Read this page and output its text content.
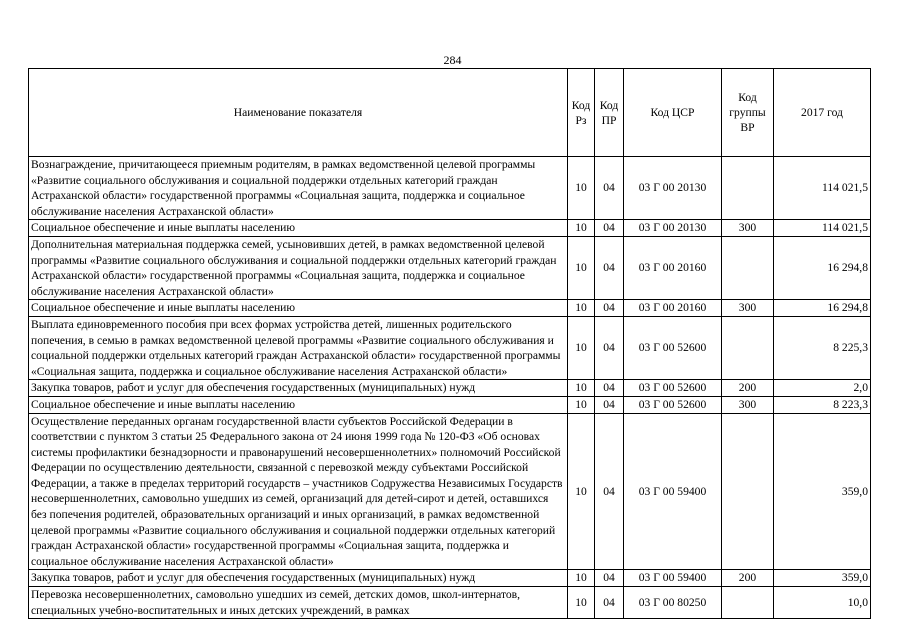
284
Наименование показателя	Код Рз	Код ПР	Код ЦСР	Код группы ВР	2017 год
Вознаграждение, причитающееся приемным родителям, в рамках ведомственной целевой программы «Развитие социального обслуживания и социальной поддержки отдельных категорий граждан Астраханской области» государственной программы «Социальная защита, поддержка и социальное обслуживание населения Астраханской области»	10	04	03 Г 00 20130		114 021,5
Социальное обеспечение и иные выплаты населению	10	04	03 Г 00 20130	300	114 021,5
Дополнительная материальная поддержка семей, усыновивших детей, в рамках ведомственной целевой программы «Развитие социального обслуживания и социальной поддержки отдельных категорий граждан Астраханской области» государственной программы «Социальная защита, поддержка и социальное обслуживание населения Астраханской области»	10	04	03 Г 00 20160		16 294,8
Социальное обеспечение и иные выплаты населению	10	04	03 Г 00 20160	300	16 294,8
Выплата единовременного пособия при всех формах устройства детей, лишенных родительского попечения, в семью в рамках ведомственной целевой программы «Развитие социального обслуживания и социальной поддержки отдельных категорий граждан Астраханской области» государственной программы «Социальная защита, поддержка и социальное обслуживание населения Астраханской области»	10	04	03 Г 00 52600		8 225,3
Закупка товаров, работ и услуг для обеспечения государственных (муниципальных) нужд	10	04	03 Г 00 52600	200	2,0
Социальное обеспечение и иные выплаты населению	10	04	03 Г 00 52600	300	8 223,3
Осуществление переданных органам государственной власти субъектов Российской Федерации в соответствии с пунктом 3 статьи 25 Федерального закона от 24 июня 1999 года № 120-ФЗ «Об основах системы профилактики безнадзорности и правонарушений несовершеннолетних» полномочий Российской Федерации по осуществлению деятельности, связанной с перевозкой между субъектами Российской Федерации, а также в пределах территорий государств – участников Содружества Независимых Государств несовершеннолетних, самовольно ушедших из семей, организаций для детей-сирот и детей, оставшихся без попечения родителей, образовательных организаций и иных организаций, в рамках ведомственной целевой программы «Развитие социального обслуживания и социальной поддержки отдельных категорий граждан Астраханской области» государственной программы «Социальная защита, поддержка и социальное обслуживание населения Астраханской области»	10	04	03 Г 00 59400		359,0
Закупка товаров, работ и услуг для обеспечения государственных (муниципальных) нужд	10	04	03 Г 00 59400	200	359,0
Перевозка несовершеннолетних, самовольно ушедших из семей, детских домов, школ-интернатов, специальных учебно-воспитательных и иных детских учреждений, в рамках	10	04	03 Г 00 80250		10,0
